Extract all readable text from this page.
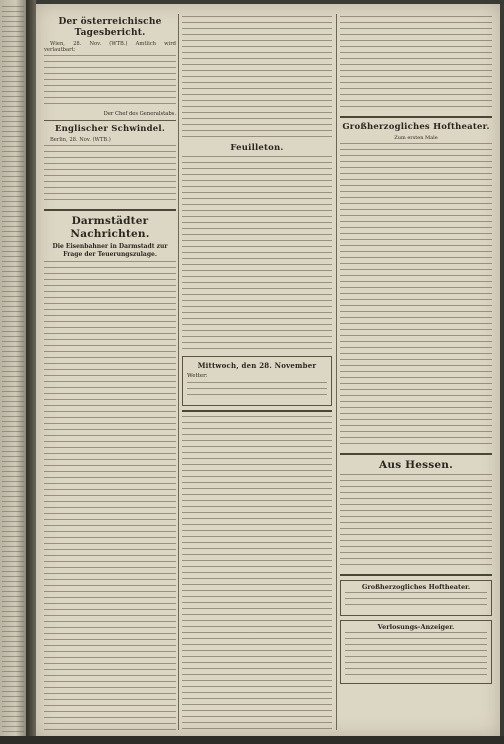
Der österreichische Tagesbericht.
Wien, 28. Nov. (WTB.) Amtlich wird verlautbart:
Der Chef des Generalstabs.
Englischer Schwindel.
Berlin, 28. Nov. (WTB.)
Darmstädter Nachrichten.
Die Eisenbahner in Darmstadt zur Frage der Teuerungszulage.
Feuilleton.
Mittwoch, den 28. November
Wetter:
Großherzogliches Hoftheater.
Zum ersten Male
Aus Hessen.
Großherzogliches Hoftheater.
Verlosungs-Anzeiger.
